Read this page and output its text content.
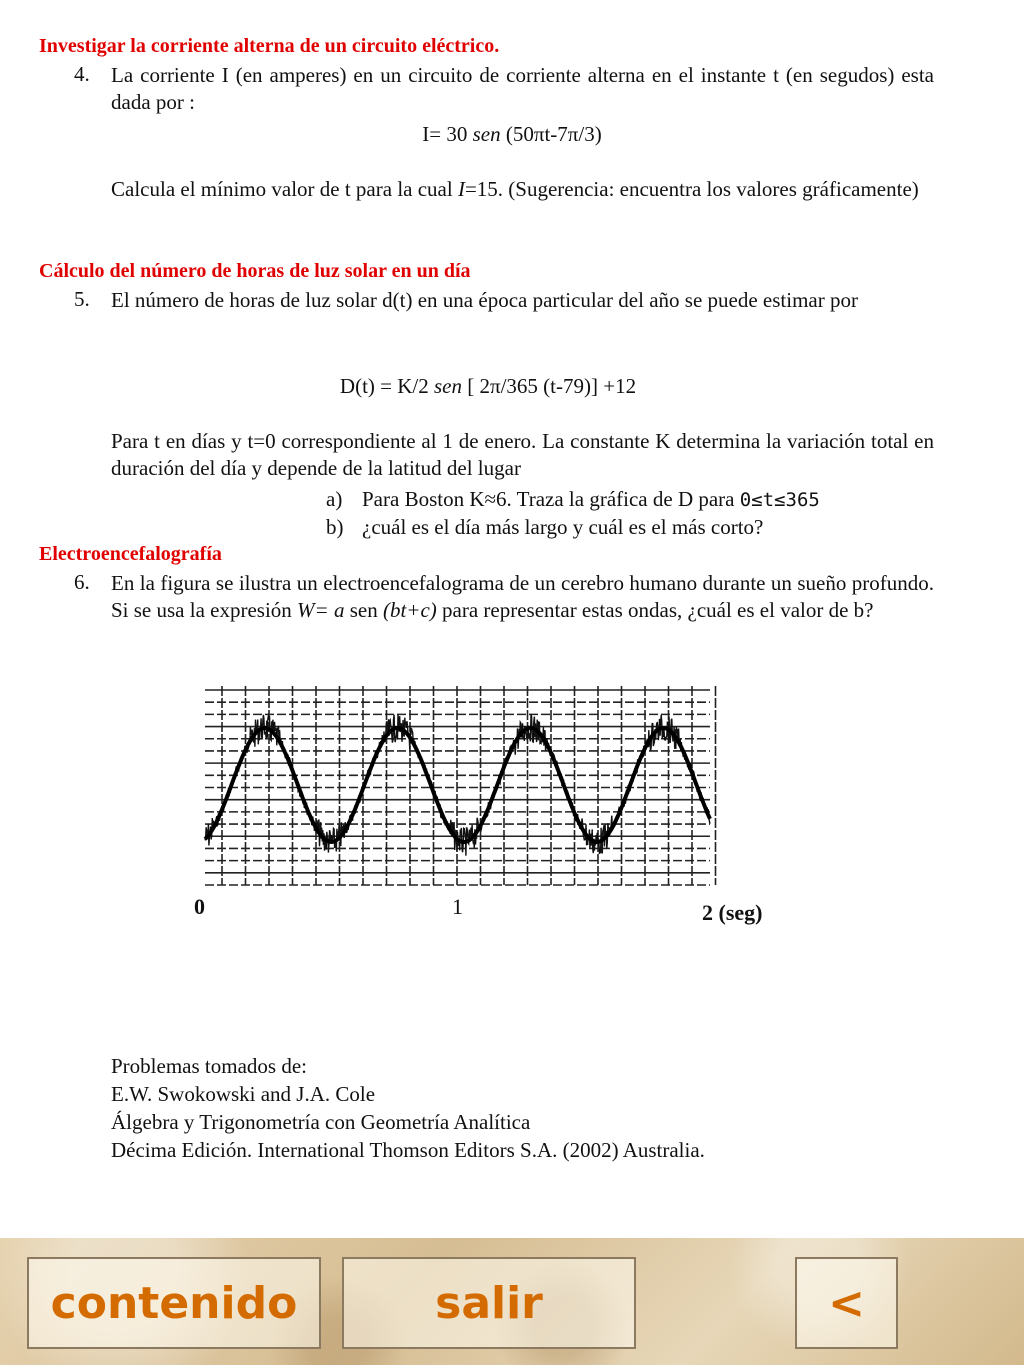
Investigar la corriente alterna de un circuito eléctrico.
4. La corriente I (en amperes) en un circuito de corriente alterna en el instante t (en segudos) esta dada por :
I= 30 sen (50πt-7π/3)
Calcula el mínimo valor de t para la cual I=15. (Sugerencia: encuentra los valores gráficamente)
Cálculo del número de horas de luz solar en un día
5. El número de horas de luz solar d(t) en una época particular del año se puede estimar por
D(t) = K/2 sen [ 2π/365 (t-79)] +12
Para t en días y t=0 correspondiente al 1 de enero. La constante K determina la variación total en duración del día y depende de la latitud del lugar
a) Para Boston K≈6. Traza la gráfica de D para 0≤t≤365
b) ¿cuál es el día más largo y cuál es el más corto?
Electroencefalografía
6. En la figura se ilustra un electroencefalograma de un cerebro humano durante un sueño profundo. Si se usa la expresión W= a sen (bt+c) para representar estas ondas, ¿cuál es el valor de b?
0	1	2 (seg)
Problemas tomados de:
E.W. Swokowski and J.A. Cole
Álgebra y Trigonometría con Geometría Analítica
Décima Edición. International Thomson Editors S.A. (2002) Australia.
contenido	salir	<
